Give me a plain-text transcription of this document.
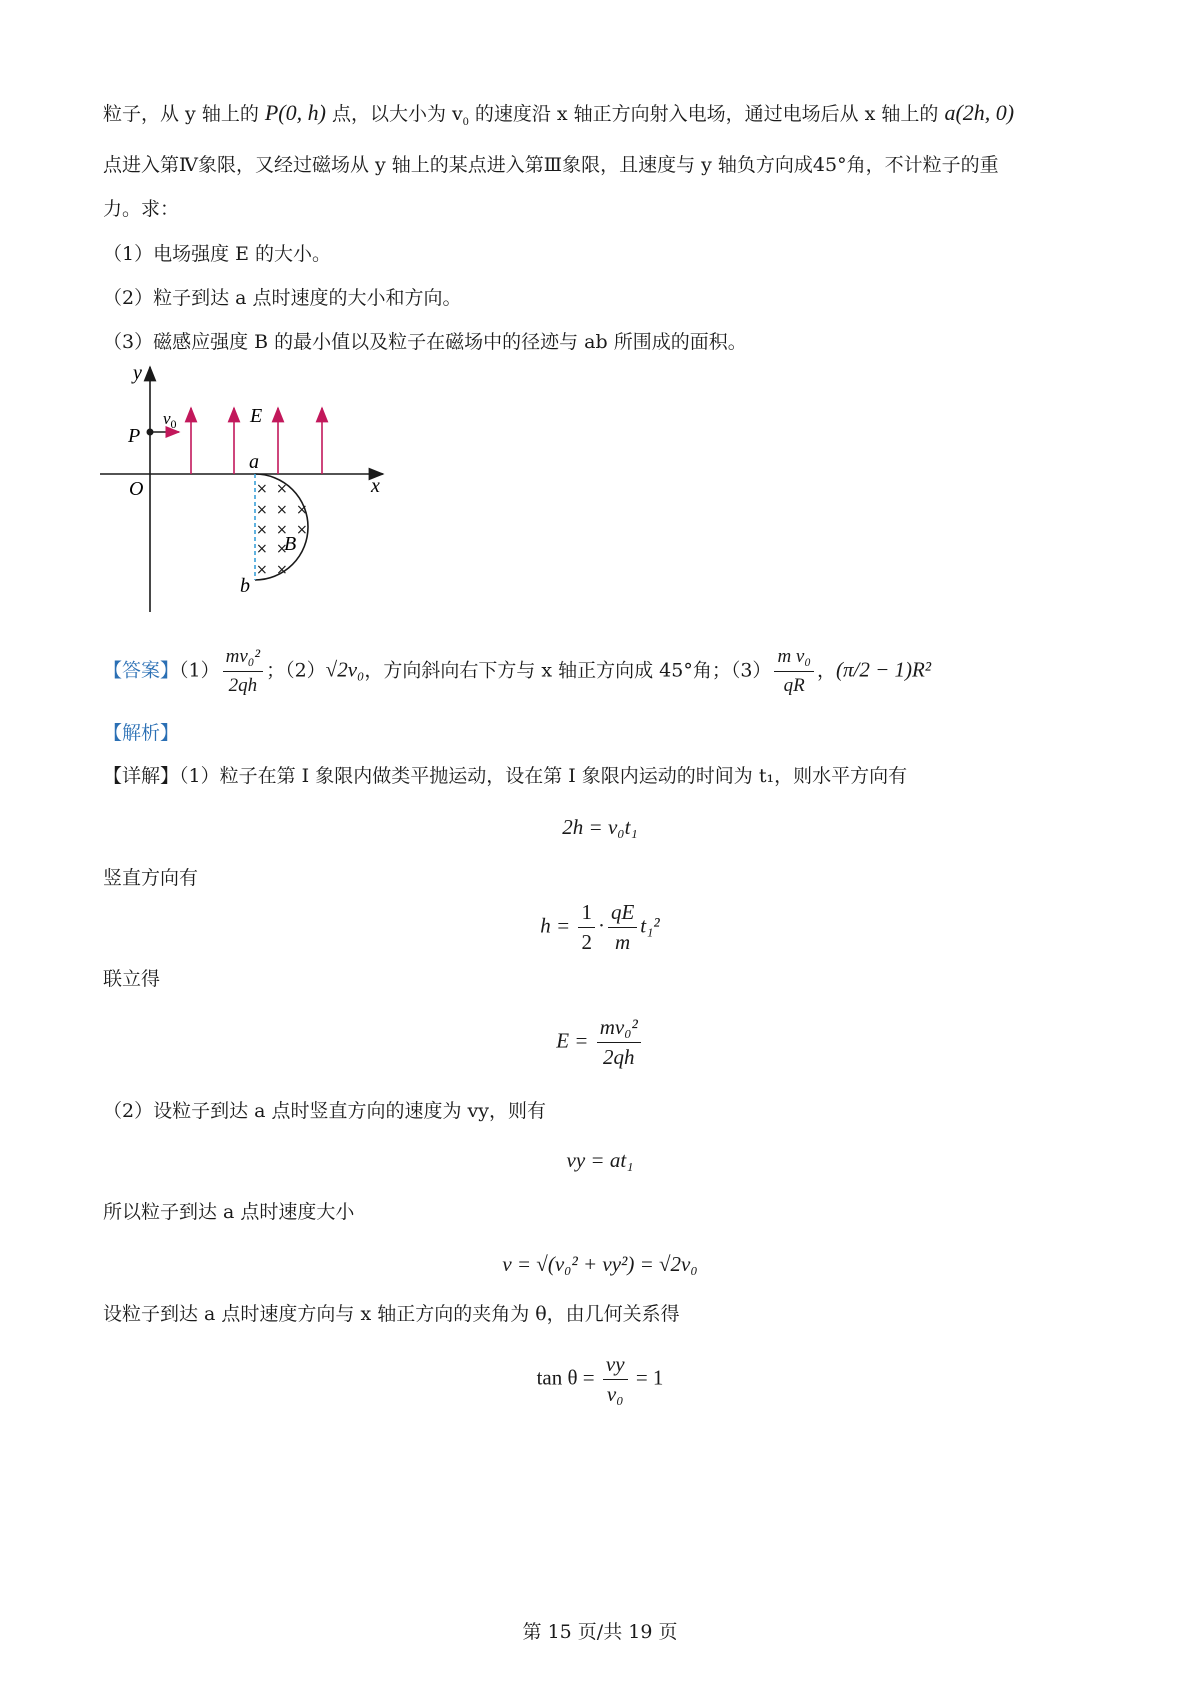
粒子，从 y 轴上的 P(0, h) 点，以大小为 $v_0$ 的速度沿 x 轴正方向射入电场，通过电场后从 x 轴上的 a(2h, 0)
点进入第Ⅳ象限，又经过磁场从 y 轴上的某点进入第Ⅲ象限，且速度与 y 轴负方向成45°角，不计粒子的重
力。求：
（1）电场强度 E 的大小。
（2）粒子到达 a 点时速度的大小和方向。
（3）磁感应强度 B 的最小值以及粒子在磁场中的径迹与 ab 所围成的面积。
× ×
× × ×
× × ×
× ×
× ×
y
x
O
P
$v_0$	E
a
b
B
【答案】$(1) \frac{\text{mv₀²}}{2qh}$ ；（2）√2v₀，方向斜向右下方与 x 轴正方向成 45°角；$(3) \frac{\text{m v₀}}{qR}$ ，(π/2 − 1)R²
【解析】
【详解】（1）粒子在第 I 象限内做类平抛运动，设在第 I 象限内运动的时间为 t₁，则水平方向有
2h = v₀t₁
竖直方向有
$h = \frac{1}{2} \cdot \frac{qE}{m} t_1^2$
联立得
$E = \frac{\text{mv₀²}}{2qh}$
（2）设粒子到达 a 点时竖直方向的速度为 vy，则有
vy = at₁
所以粒子到达 a 点时速度大小
v = √(v₀² + vy²) = √2v₀
设粒子到达 a 点时速度方向与 x 轴正方向的夹角为 θ，由几何关系得
$\tan \theta = \frac{vy}{\text{v₀}} = 1$
第 15 页/共 19 页
